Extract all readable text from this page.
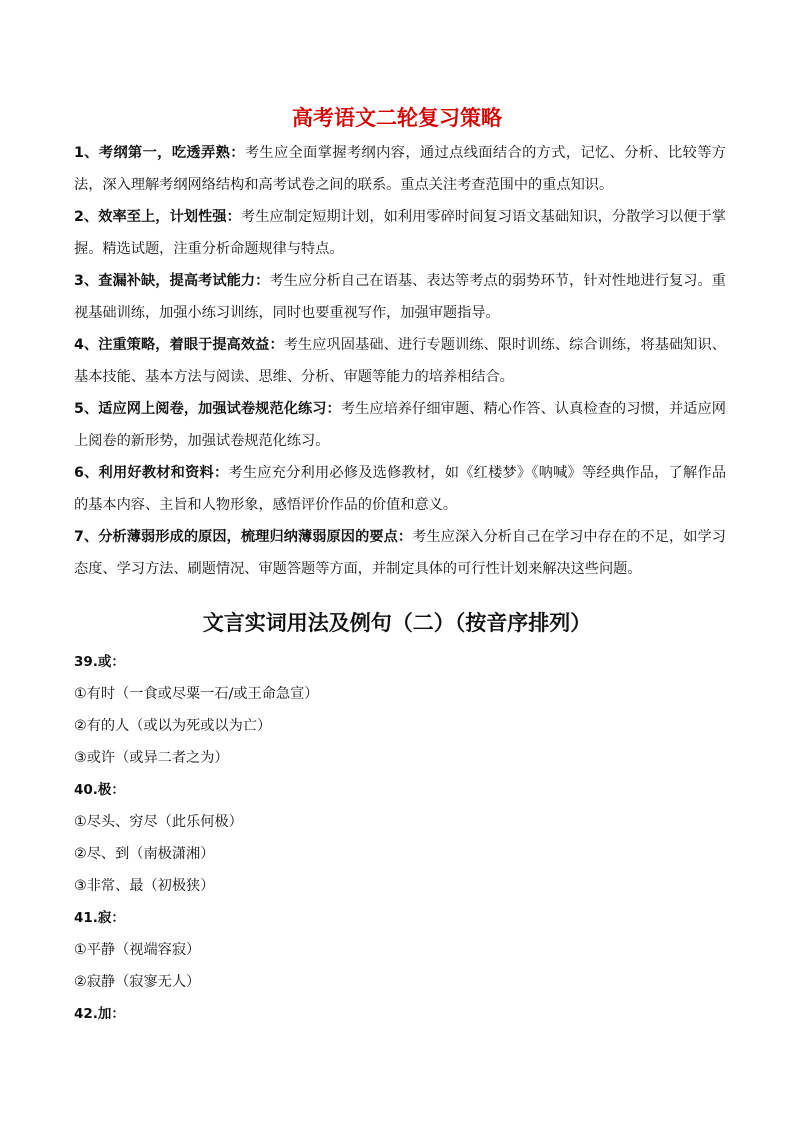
高考语文二轮复习策略

1、考纲第一，吃透弄熟：考生应全面掌握考纲内容，通过点线面结合的方式，记忆、分析、比较等方法，深入理解考纲网络结构和高考试卷之间的联系。重点关注考查范围中的重点知识。

2、效率至上，计划性强：考生应制定短期计划，如利用零碎时间复习语文基础知识，分散学习以便于掌握。精选试题，注重分析命题规律与特点。

3、查漏补缺，提高考试能力：考生应分析自己在语基、表达等考点的弱势环节，针对性地进行复习。重视基础训练，加强小练习训练，同时也要重视写作，加强审题指导。

4、注重策略，着眼于提高效益：考生应巩固基础、进行专题训练、限时训练、综合训练，将基础知识、基本技能、基本方法与阅读、思维、分析、审题等能力的培养相结合。

5、适应网上阅卷，加强试卷规范化练习：考生应培养仔细审题、精心作答、认真检查的习惯，并适应网上阅卷的新形势，加强试卷规范化练习。

6、利用好教材和资料：考生应充分利用必修及选修教材，如《红楼梦》《呐喊》等经典作品，了解作品的基本内容、主旨和人物形象，感悟评价作品的价值和意义。

7、分析薄弱形成的原因，梳理归纳薄弱原因的要点：考生应深入分析自己在学习中存在的不足，如学习态度、学习方法、刷题情况、审题答题等方面，并制定具体的可行性计划来解决这些问题。

文言实词用法及例句（二）（按音序排列）
39.或：
①有时（一食或尽粟一石/或王命急宣）
②有的人（或以为死或以为亡）
③或许（或异二者之为）
40.极：
①尽头、穷尽（此乐何极）
②尽、到（南极潇湘）
③非常、最（初极狭）
41.寂：
①平静（视端容寂）
②寂静（寂寥无人）
42.加：
